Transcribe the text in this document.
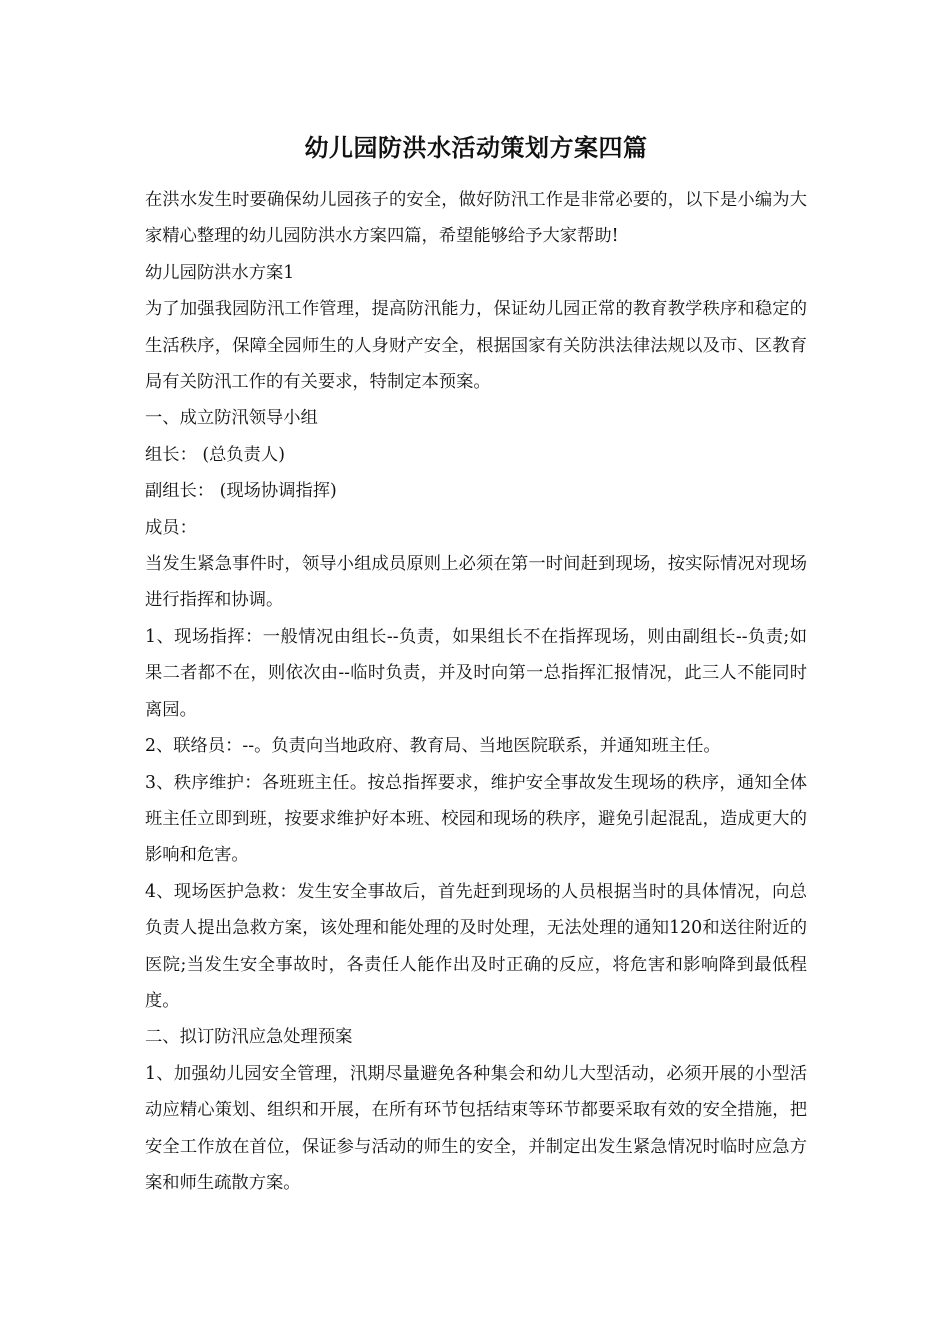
幼儿园防洪水活动策划方案四篇

在洪水发生时要确保幼儿园孩子的安全，做好防汛工作是非常必要的，以下是小编为大家精心整理的幼儿园防洪水方案四篇，希望能够给予大家帮助!

幼儿园防洪水方案1

为了加强我园防汛工作管理，提高防汛能力，保证幼儿园正常的教育教学秩序和稳定的生活秩序，保障全园师生的人身财产安全，根据国家有关防洪法律法规以及市、区教育局有关防汛工作的有关要求，特制定本预案。

一、成立防汛领导小组

组长： (总负责人)

副组长： (现场协调指挥)

成员：

当发生紧急事件时，领导小组成员原则上必须在第一时间赶到现场，按实际情况对现场进行指挥和协调。

1、现场指挥：一般情况由组长--负责，如果组长不在指挥现场，则由副组长--负责;如果二者都不在，则依次由--临时负责，并及时向第一总指挥汇报情况，此三人不能同时离园。

2、联络员：--。负责向当地政府、教育局、当地医院联系，并通知班主任。

3、秩序维护：各班班主任。按总指挥要求，维护安全事故发生现场的秩序，通知全体班主任立即到班，按要求维护好本班、校园和现场的秩序，避免引起混乱，造成更大的影响和危害。

4、现场医护急救：发生安全事故后，首先赶到现场的人员根据当时的具体情况，向总负责人提出急救方案，该处理和能处理的及时处理，无法处理的通知120和送往附近的医院;当发生安全事故时，各责任人能作出及时正确的反应，将危害和影响降到最低程度。

二、拟订防汛应急处理预案

1、加强幼儿园安全管理，汛期尽量避免各种集会和幼儿大型活动，必须开展的小型活动应精心策划、组织和开展，在所有环节包括结束等环节都要采取有效的安全措施，把安全工作放在首位，保证参与活动的师生的安全，并制定出发生紧急情况时临时应急方案和师生疏散方案。
